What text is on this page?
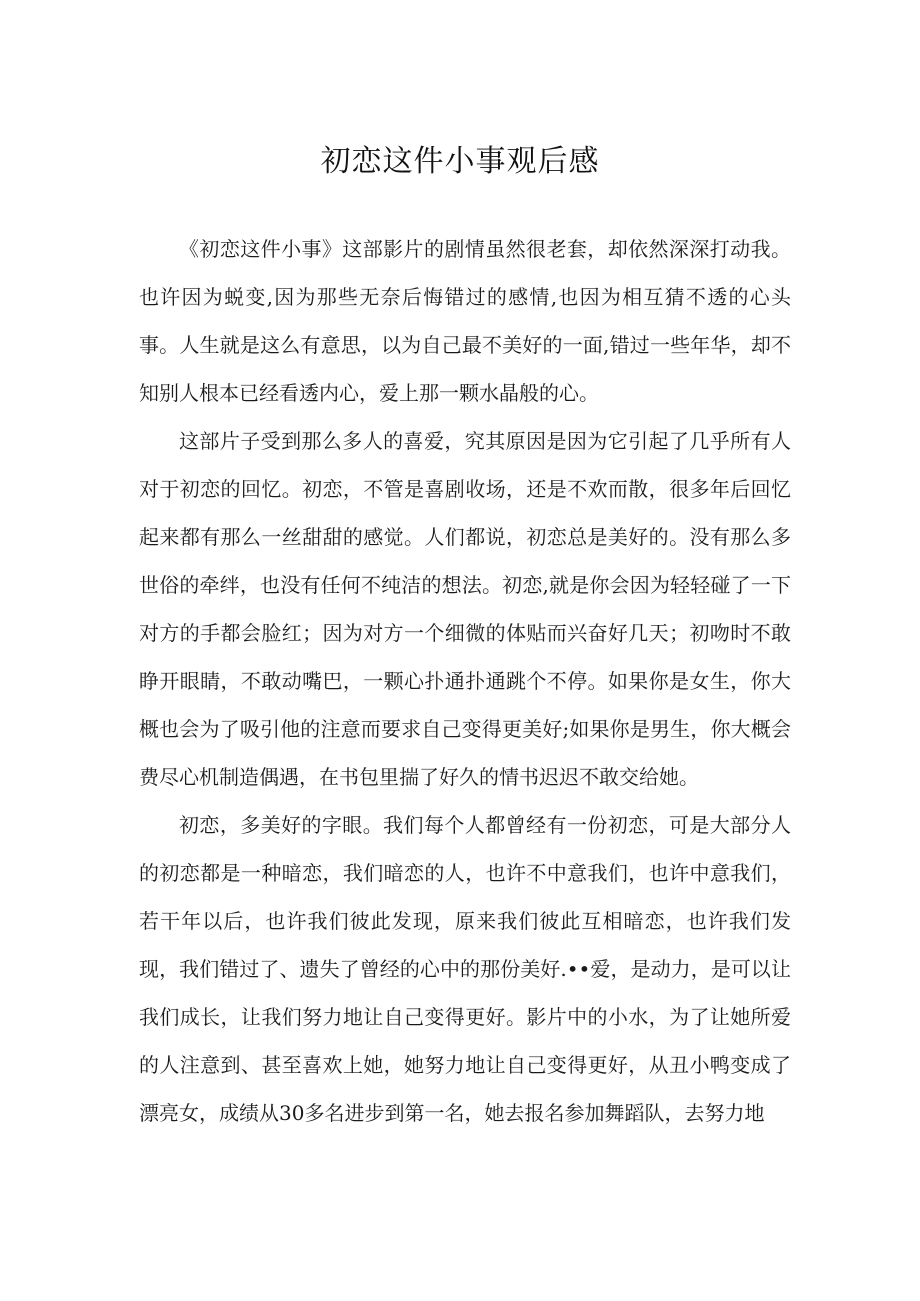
初恋这件小事观后感

《初恋这件小事》这部影片的剧情虽然很老套，却依然深深打动我。也许因为蜕变,因为那些无奈后悔错过的感情,也因为相互猜不透的心头事。人生就是这么有意思，以为自己最不美好的一面,错过一些年华，却不知别人根本已经看透内心，爱上那一颗水晶般的心。

这部片子受到那么多人的喜爱，究其原因是因为它引起了几乎所有人对于初恋的回忆。初恋，不管是喜剧收场，还是不欢而散，很多年后回忆起来都有那么一丝甜甜的感觉。人们都说，初恋总是美好的。没有那么多世俗的牵绊，也没有任何不纯洁的想法。初恋,就是你会因为轻轻碰了一下对方的手都会脸红；因为对方一个细微的体贴而兴奋好几天；初吻时不敢睁开眼睛，不敢动嘴巴，一颗心扑通扑通跳个不停。如果你是女生，你大概也会为了吸引他的注意而要求自己变得更美好;如果你是男生，你大概会费尽心机制造偶遇，在书包里揣了好久的情书迟迟不敢交给她。

初恋，多美好的字眼。我们每个人都曾经有一份初恋，可是大部分人的初恋都是一种暗恋，我们暗恋的人，也许不中意我们，也许中意我们，若干年以后，也许我们彼此发现，原来我们彼此互相暗恋，也许我们发现，我们错过了、遗失了曾经的心中的那份美好.••爱，是动力，是可以让我们成长，让我们努力地让自己变得更好。影片中的小水，为了让她所爱的人注意到、甚至喜欢上她，她努力地让自己变得更好，从丑小鸭变成了漂亮女，成绩从30多名进步到第一名，她去报名参加舞蹈队，去努力地
